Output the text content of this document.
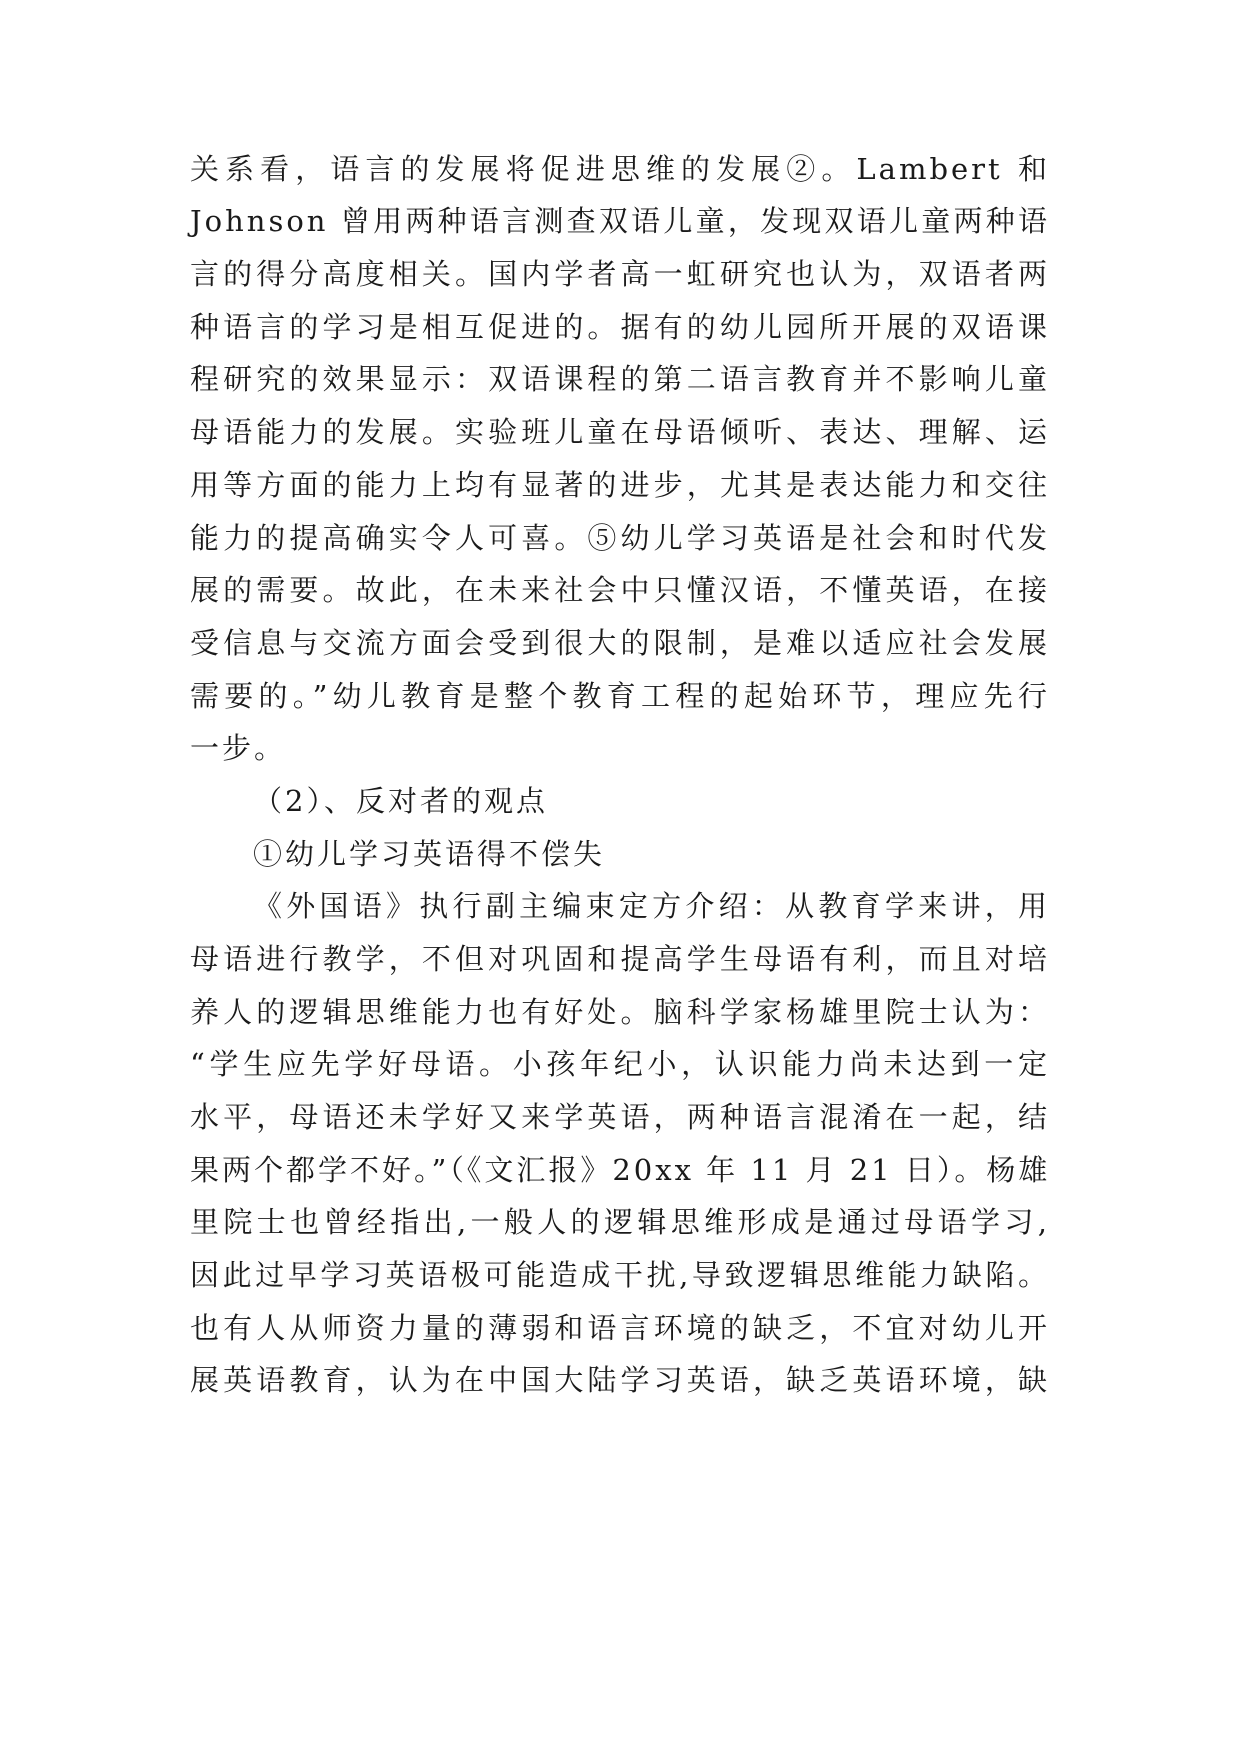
关系看，语言的发展将促进思维的发展②。Lambert 和
Johnson 曾用两种语言测查双语儿童，发现双语儿童两种语
言的得分高度相关。国内学者高一虹研究也认为，双语者两
种语言的学习是相互促进的。据有的幼儿园所开展的双语课
程研究的效果显示：双语课程的第二语言教育并不影响儿童
母语能力的发展。实验班儿童在母语倾听、表达、理解、运
用等方面的能力上均有显著的进步，尤其是表达能力和交往
能力的提高确实令人可喜。⑤幼儿学习英语是社会和时代发
展的需要。故此，在未来社会中只懂汉语，不懂英语，在接
受信息与交流方面会受到很大的限制，是难以适应社会发展
需要的。”幼儿教育是整个教育工程的起始环节，理应先行
一步。
（2）、反对者的观点
①幼儿学习英语得不偿失
《外国语》执行副主编束定方介绍：从教育学来讲，用
母语进行教学，不但对巩固和提高学生母语有利，而且对培
养人的逻辑思维能力也有好处。脑科学家杨雄里院士认为：
“学生应先学好母语。小孩年纪小，认识能力尚未达到一定
水平，母语还未学好又来学英语，两种语言混淆在一起，结
果两个都学不好。”（《文汇报》20xx 年 11 月 21 日）。杨雄
里院士也曾经指出,一般人的逻辑思维形成是通过母语学习,
因此过早学习英语极可能造成干扰,导致逻辑思维能力缺陷。
也有人从师资力量的薄弱和语言环境的缺乏，不宜对幼儿开
展英语教育，认为在中国大陆学习英语，缺乏英语环境，缺
